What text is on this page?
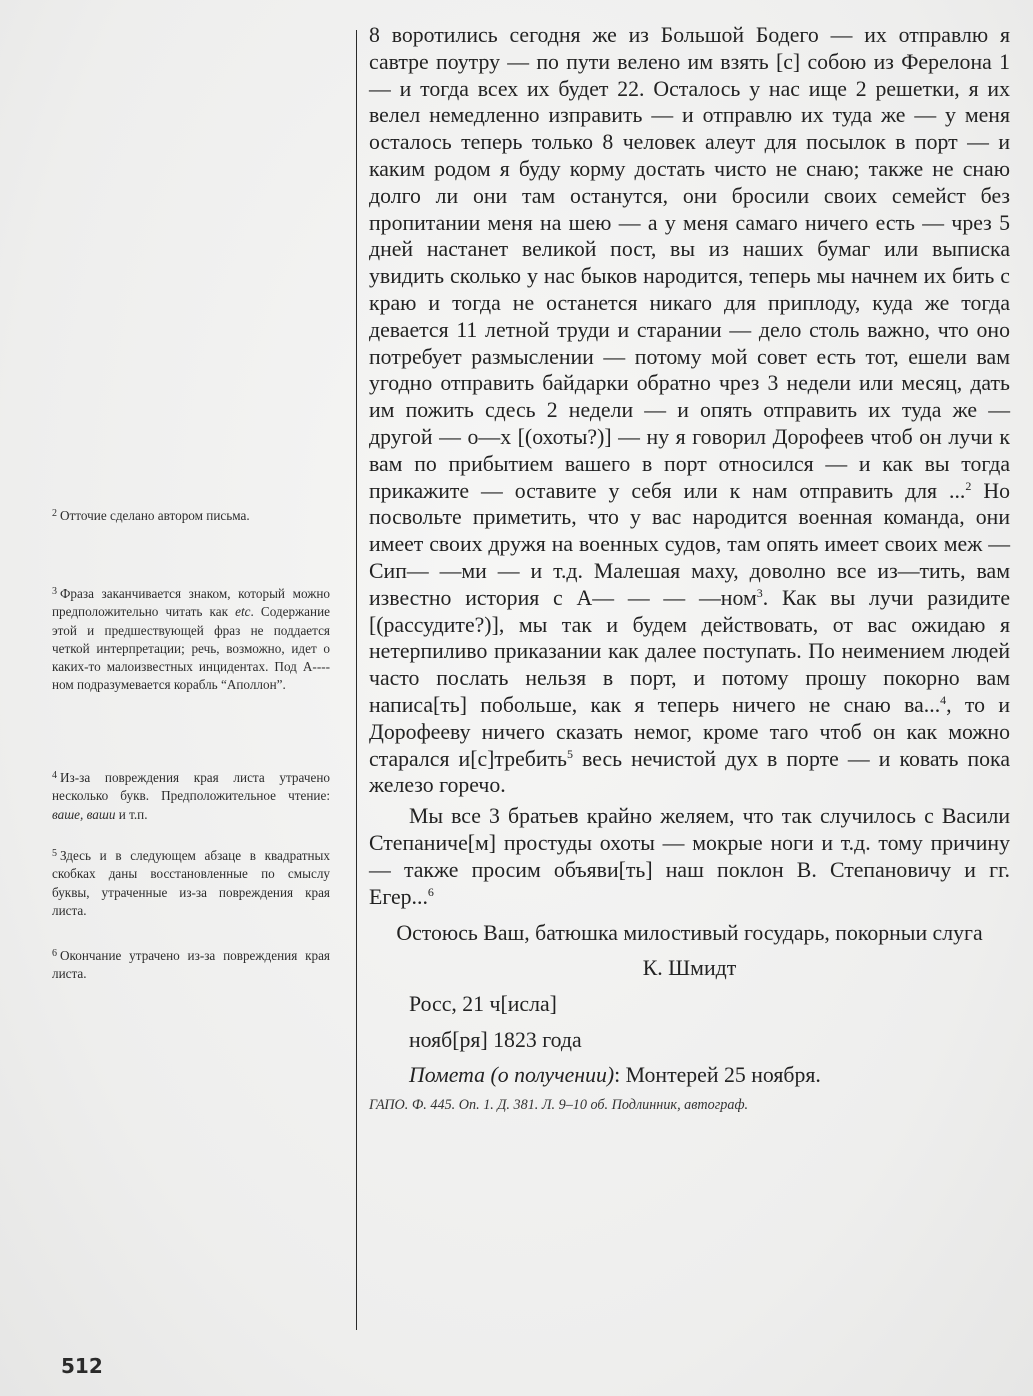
$^2$ Отточие сделано автором письма.

$^3$ Фраза заканчивается знаком, который можно предположительно читать как etc. Содержание этой и предшествующей фраз не поддается четкой интерпретации; речь, возможно, идет о каких-то малоизвестных инцидентах. Под А----ном подразумевается корабль “Аполлон”.

$^4$ Из-за повреждения края листа утрачено несколько букв. Предположительное чтение: ваше, ваши и т.п.

$^5$ Здесь и в следующем абзаце в квадратных скобках даны восстановленные по смыслу буквы, утраченные из-за повреждения края листа.

$^6$ Окончание утрачено из-за повреждения края листа.

8 воротились сегодня же из Большой Бодего — их отправлю я савтре поутру — по пути велено им взять [с] собою из Ферелона 1 — и тогда всех их будет 22. Осталось у нас ище 2 решетки, я их велел немедленно изправить — и отправлю их туда же — у меня осталось теперь только 8 человек алеут для посылок в порт — и каким родом я буду корму достать чисто не снаю; также не снаю долго ли они там останутся, они бросили своих семейст без пропитании меня на шею — а у меня самаго ничего есть — чрез 5 дней настанет великой пост, вы из наших бумаг или выписка увидить сколько у нас быков народится, теперь мы начнем их бить с краю и тогда не останется никаго для приплоду, куда же тогда девается 11 летной труди и старании — дело столь важно, что оно потребует размыслении — потому мой совет есть тот, ешели вам угодно отправить байдарки обратно чрез 3 недели или месяц, дать им пожить сдесь 2 недели — и опять отправить их туда же — другой — о—х [(охоты?)] — ну я говорил Дорофеев чтоб он лучи к вам по прибытием вашего в порт относился — и как вы тогда прикажите — оставите у себя или к нам отправить для ...$^2$ Но посвольте приметить, что у вас народится военная команда, они имеет своих дружя на военных судов, там опять имеет своих меж — Сип— —ми — и т.д. Малешая маху, доволно все из—тить, вам известно история с А— — — —ном$^3$. Как вы лучи разидите [(рассудите?)], мы так и будем действовать, от вас ожидаю я нетерпиливо приказании как далее поступать. По неимением людей часто послать нельзя в порт, и потому прошу покорно вам написа[ть] побольше, как я теперь ничего не снаю ва...$^4$, то и Дорофееву ничего сказать немог, кроме таго чтоб он как можно старался и[с]требить$^5$ весь нечистой дух в порте — и ковать пока железо горечо.

Мы все 3 братьев крайно желяем, что так случилось с Васили Степаниче[м] простуды охоты — мокрые ноги и т.д. тому причину — также просим объяви[ть] наш поклон В. Степановичу и гг. Егер...$^6$

Остоюсь Ваш, батюшка милостивый государь, покорныи слуга

К. Шмидт

Росс, 21 ч[исла]

нояб[ря] 1823 года

Помета (о получении): Монтерей 25 ноября.

ГАПО. Ф. 445. Оп. 1. Д. 381. Л. 9–10 об. Подлинник, автограф.

512
